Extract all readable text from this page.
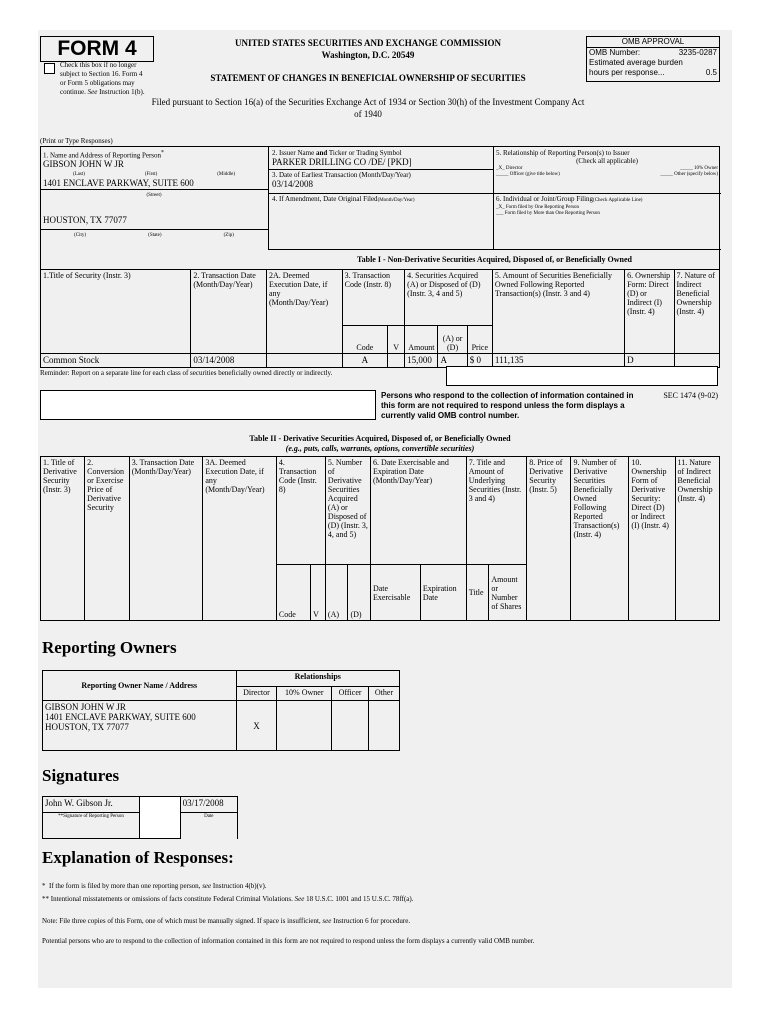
FORM 4
Check this box if no longer subject to Section 16. Form 4 or Form 5 obligations may continue. See Instruction 1(b).
UNITED STATES SECURITIES AND EXCHANGE COMMISSION
Washington, D.C. 20549
STATEMENT OF CHANGES IN BENEFICIAL OWNERSHIP OF SECURITIES
Filed pursuant to Section 16(a) of the Securities Exchange Act of 1934 or Section 30(h) of the Investment Company Act of 1940
OMB APPROVAL
OMB Number:	3235-0287
Estimated average burden
hours per response...	0.5
(Print or Type Responses)
1. Name and Address of Reporting Person*
GIBSON JOHN W JR
(Last)	(First)	(Middle)
1401 ENCLAVE PARKWAY, SUITE 600
(Street)
HOUSTON, TX 77077
(City)	(State)	(Zip)
2. Issuer Name and Ticker or Trading Symbol
PARKER DRILLING CO /DE/ [PKD]
3. Date of Earliest Transaction (Month/Day/Year)
03/14/2008
4. If Amendment, Date Original Filed(Month/Day/Year)
5. Relationship of Reporting Person(s) to Issuer
(Check all applicable)
_X_ Director	_____ 10% Owner
_____ Officer (give title below)	_____ Other (specify below)
6. Individual or Joint/Group Filing(Check Applicable Line)
_X_ Form filed by One Reporting Person
___ Form filed by More than One Reporting Person
Table I - Non-Derivative Securities Acquired, Disposed of, or Beneficially Owned
1.Title of Security (Instr. 3)	2. Transaction Date (Month/Day/Year)	2A. Deemed Execution Date, if any (Month/Day/Year)	3. Transaction Code (Instr. 8)		4. Securities Acquired (A) or Disposed of (D) (Instr. 3, 4 and 5)			5. Amount of Securities Beneficially Owned Following Reported Transaction(s) (Instr. 3 and 4)	6. Ownership Form: Direct (D) or Indirect (I) (Instr. 4)	7. Nature of Indirect Beneficial Ownership (Instr. 4)
			Code	V	Amount	(A) or (D)	Price			
Common Stock	03/14/2008		A		15,000	A	$ 0	111,135	D	
Reminder: Report on a separate line for each class of securities beneficially owned directly or indirectly.
Persons who respond to the collection of information contained in this form are not required to respond unless the form displays a currently valid OMB control number.
SEC 1474 (9-02)
Table II - Derivative Securities Acquired, Disposed of, or Beneficially Owned
(e.g., puts, calls, warrants, options, convertible securities)
1. Title of Derivative Security (Instr. 3)	2. Conversion or Exercise Price of Derivative Security	3. Transaction Date (Month/Day/Year)	3A. Deemed Execution Date, if any (Month/Day/Year)	4. Transaction Code (Instr. 8)		5. Number of Derivative Securities Acquired (A) or Disposed of (D) (Instr. 3, 4, and 5)		6. Date Exercisable and Expiration Date (Month/Day/Year)		7. Title and Amount of Underlying Securities (Instr. 3 and 4)		8. Price of Derivative Security (Instr. 5)	9. Number of Derivative Securities Beneficially Owned Following Reported Transaction(s) (Instr. 4)	10. Ownership Form of Derivative Security: Direct (D) or Indirect (I) (Instr. 4)	11. Nature of Indirect Beneficial Ownership (Instr. 4)
				Code	V	(A)	(D)	Date Exercisable	Expiration Date	Title	Amount or Number of Shares				
Reporting Owners
Reporting Owner Name / Address	Relationships			
	Director	10% Owner	Officer	Other

GIBSON JOHN W JR
1401 ENCLAVE PARKWAY, SUITE 600
HOUSTON, TX 77077	X			
Signatures
John W. Gibson Jr.		03/17/2008
**Signature of Reporting Person		Date
Explanation of Responses:
* If the form is filed by more than one reporting person, see Instruction 4(b)(v).
** Intentional misstatements or omissions of facts constitute Federal Criminal Violations. See 18 U.S.C. 1001 and 15 U.S.C. 78ff(a).
Note: File three copies of this Form, one of which must be manually signed. If space is insufficient, see Instruction 6 for procedure.
Potential persons who are to respond to the collection of information contained in this form are not required to respond unless the form displays a currently valid OMB number.
